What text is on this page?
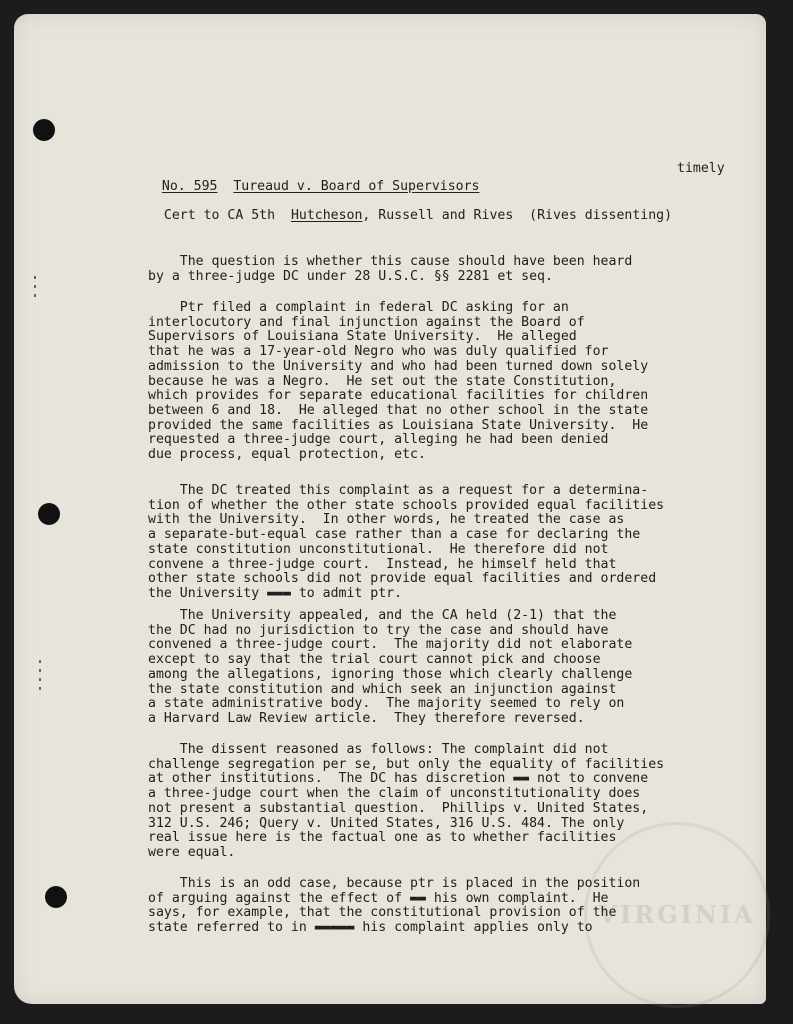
VIRGINIA

No. 595 Tureaud v. Board of Supervisors

timely

Cert to CA 5th Hutcheson, Russell and Rives  (Rives dissenting)

The question is whether this cause should have been heard
by a three-judge DC under 28 U.S.C. §§ 2281 et seq.

Ptr filed a complaint in federal DC asking for an
interlocutory and final injunction against the Board of
Supervisors of Louisiana State University.  He alleged
that he was a 17-year-old Negro who was duly qualified for
admission to the University and who had been turned down solely
because he was a Negro.  He set out the state Constitution,
which provides for separate educational facilities for children
between 6 and 18.  He alleged that no other school in the state
provided the same facilities as Louisiana State University.  He
requested a three-judge court, alleging he had been denied
due process, equal protection, etc.

The DC treated this complaint as a request for a determina-
tion of whether the other state schools provided equal facilities
with the University.  In other words, he treated the case as
a separate-but-equal case rather than a case for declaring the
state constitution unconstitutional.  He therefore did not
convene a three-judge court.  Instead, he himself held that
other state schools did not provide equal facilities and ordered
the University ▬▬▬ to admit ptr.

The University appealed, and the CA held (2-1) that the
the DC had no jurisdiction to try the case and should have
convened a three-judge court.  The majority did not elaborate
except to say that the trial court cannot pick and choose
among the allegations, ignoring those which clearly challenge
the state constitution and which seek an injunction against
a state administrative body.  The majority seemed to rely on
a Harvard Law Review article.  They therefore reversed.

The dissent reasoned as follows: The complaint did not
challenge segregation per se, but only the equality of facilities
at other institutions.  The DC has discretion ▬▬ not to convene
a three-judge court when the claim of unconstitutionality does
not present a substantial question.  Phillips v. United States,
312 U.S. 246; Query v. United States, 316 U.S. 484. The only
real issue here is the factual one as to whether facilities
were equal.

This is an odd case, because ptr is placed in the position
of arguing against the effect of ▬▬ his own complaint.  He
says, for example, that the constitutional provision of the
state referred to in ▬▬▬▬▬ his complaint applies only to
